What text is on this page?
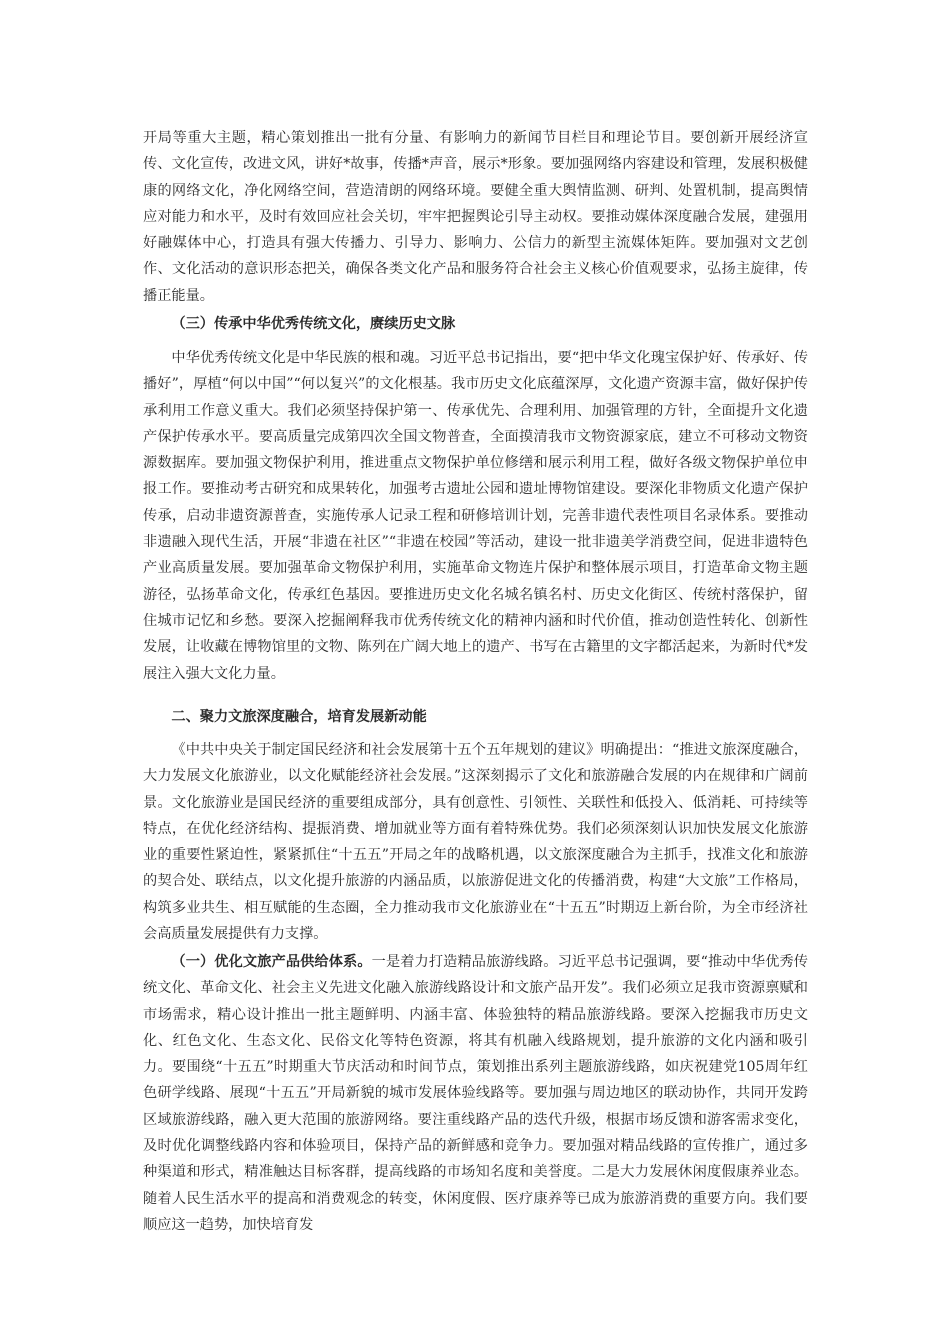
开局等重大主题，精心策划推出一批有分量、有影响力的新闻节目栏目和理论节目。要创新开展经济宣传、文化宣传，改进文风，讲好*故事，传播*声音，展示*形象。要加强网络内容建设和管理，发展积极健康的网络文化，净化网络空间，营造清朗的网络环境。要健全重大舆情监测、研判、处置机制，提高舆情应对能力和水平，及时有效回应社会关切，牢牢把握舆论引导主动权。要推动媒体深度融合发展，建强用好融媒体中心，打造具有强大传播力、引导力、影响力、公信力的新型主流媒体矩阵。要加强对文艺创作、文化活动的意识形态把关，确保各类文化产品和服务符合社会主义核心价值观要求，弘扬主旋律，传播正能量。
（三）传承中华优秀传统文化，赓续历史文脉
中华优秀传统文化是中华民族的根和魂。习近平总书记指出，要“把中华文化瑰宝保护好、传承好、传播好”，厚植“何以中国”“何以复兴”的文化根基。我市历史文化底蕴深厚，文化遗产资源丰富，做好保护传承利用工作意义重大。我们必须坚持保护第一、传承优先、合理利用、加强管理的方针，全面提升文化遗产保护传承水平。要高质量完成第四次全国文物普查，全面摸清我市文物资源家底，建立不可移动文物资源数据库。要加强文物保护利用，推进重点文物保护单位修缮和展示利用工程，做好各级文物保护单位申报工作。要推动考古研究和成果转化，加强考古遗址公园和遗址博物馆建设。要深化非物质文化遗产保护传承，启动非遗资源普查，实施传承人记录工程和研修培训计划，完善非遗代表性项目名录体系。要推动非遗融入现代生活，开展“非遗在社区”“非遗在校园”等活动，建设一批非遗美学消费空间，促进非遗特色产业高质量发展。要加强革命文物保护利用，实施革命文物连片保护和整体展示项目，打造革命文物主题游径，弘扬革命文化，传承红色基因。要推进历史文化名城名镇名村、历史文化街区、传统村落保护，留住城市记忆和乡愁。要深入挖掘阐释我市优秀传统文化的精神内涵和时代价值，推动创造性转化、创新性发展，让收藏在博物馆里的文物、陈列在广阔大地上的遗产、书写在古籍里的文字都活起来，为新时代*发展注入强大文化力量。
二、聚力文旅深度融合，培育发展新动能
《中共中央关于制定国民经济和社会发展第十五个五年规划的建议》明确提出：“推进文旅深度融合，大力发展文化旅游业，以文化赋能经济社会发展。”这深刻揭示了文化和旅游融合发展的内在规律和广阔前景。文化旅游业是国民经济的重要组成部分，具有创意性、引领性、关联性和低投入、低消耗、可持续等特点，在优化经济结构、提振消费、增加就业等方面有着特殊优势。我们必须深刻认识加快发展文化旅游业的重要性紧迫性，紧紧抓住“十五五”开局之年的战略机遇，以文旅深度融合为主抓手，找准文化和旅游的契合处、联结点，以文化提升旅游的内涵品质，以旅游促进文化的传播消费，构建“大文旅”工作格局，构筑多业共生、相互赋能的生态圈，全力推动我市文化旅游业在“十五五”时期迈上新台阶，为全市经济社会高质量发展提供有力支撑。
（一）优化文旅产品供给体系。一是着力打造精品旅游线路。习近平总书记强调，要“推动中华优秀传统文化、革命文化、社会主义先进文化融入旅游线路设计和文旅产品开发”。我们必须立足我市资源禀赋和市场需求，精心设计推出一批主题鲜明、内涵丰富、体验独特的精品旅游线路。要深入挖掘我市历史文化、红色文化、生态文化、民俗文化等特色资源，将其有机融入线路规划，提升旅游的文化内涵和吸引力。要围绕“十五五”时期重大节庆活动和时间节点，策划推出系列主题旅游线路，如庆祝建党105周年红色研学线路、展现“十五五”开局新貌的城市发展体验线路等。要加强与周边地区的联动协作，共同开发跨区域旅游线路，融入更大范围的旅游网络。要注重线路产品的迭代升级，根据市场反馈和游客需求变化，及时优化调整线路内容和体验项目，保持产品的新鲜感和竞争力。要加强对精品线路的宣传推广，通过多种渠道和形式，精准触达目标客群，提高线路的市场知名度和美誉度。二是大力发展休闲度假康养业态。随着人民生活水平的提高和消费观念的转变，休闲度假、医疗康养等已成为旅游消费的重要方向。我们要顺应这一趋势，加快培育发
